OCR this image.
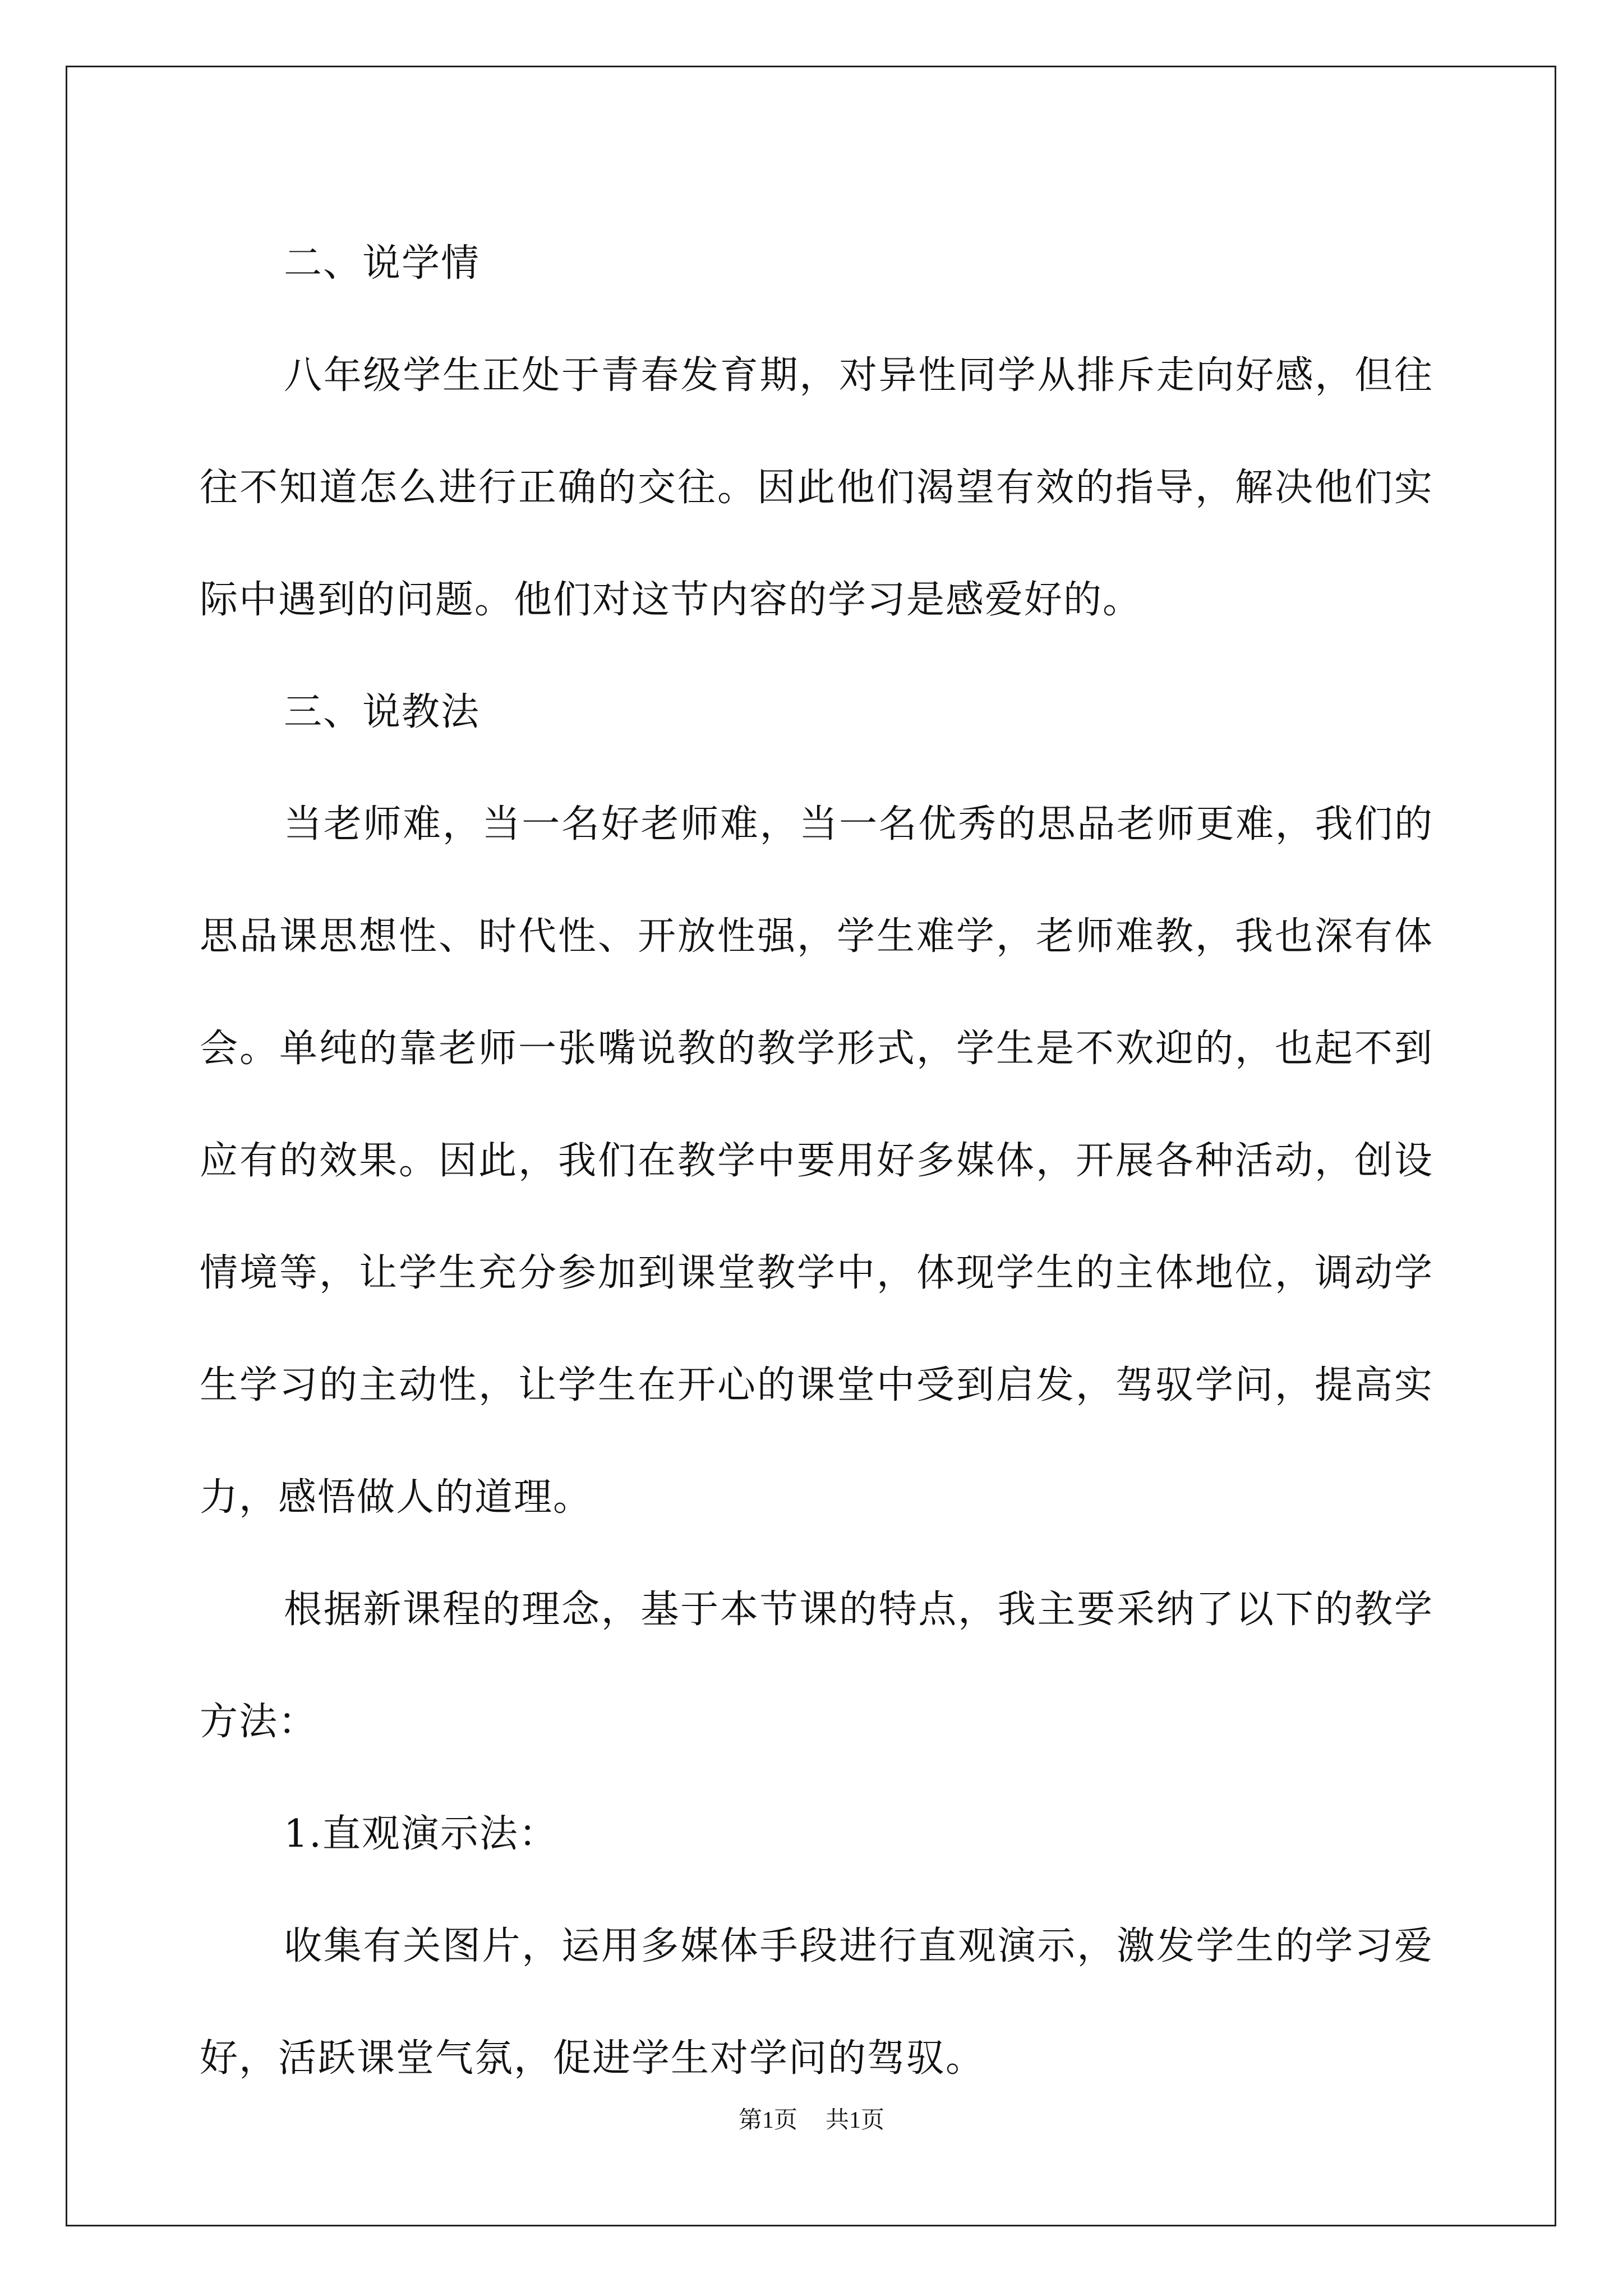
二、说学情

八年级学生正处于青春发育期，对异性同学从排斥走向好感，但往往不知道怎么进行正确的交往。因此他们渴望有效的指导，解决他们实际中遇到的问题。他们对这节内容的学习是感爱好的。

三、说教法

当老师难，当一名好老师难，当一名优秀的思品老师更难，我们的思品课思想性、时代性、开放性强，学生难学，老师难教，我也深有体会。单纯的靠老师一张嘴说教的教学形式，学生是不欢迎的，也起不到应有的效果。因此，我们在教学中要用好多媒体，开展各种活动，创设情境等，让学生充分参加到课堂教学中，体现学生的主体地位，调动学生学习的主动性，让学生在开心的课堂中受到启发，驾驭学问，提高实力，感悟做人的道理。

根据新课程的理念，基于本节课的特点，我主要采纳了以下的教学方法：

1.直观演示法：

收集有关图片，运用多媒体手段进行直观演示，激发学生的学习爱好，活跃课堂气氛，促进学生对学问的驾驭。

第1页 共1页
